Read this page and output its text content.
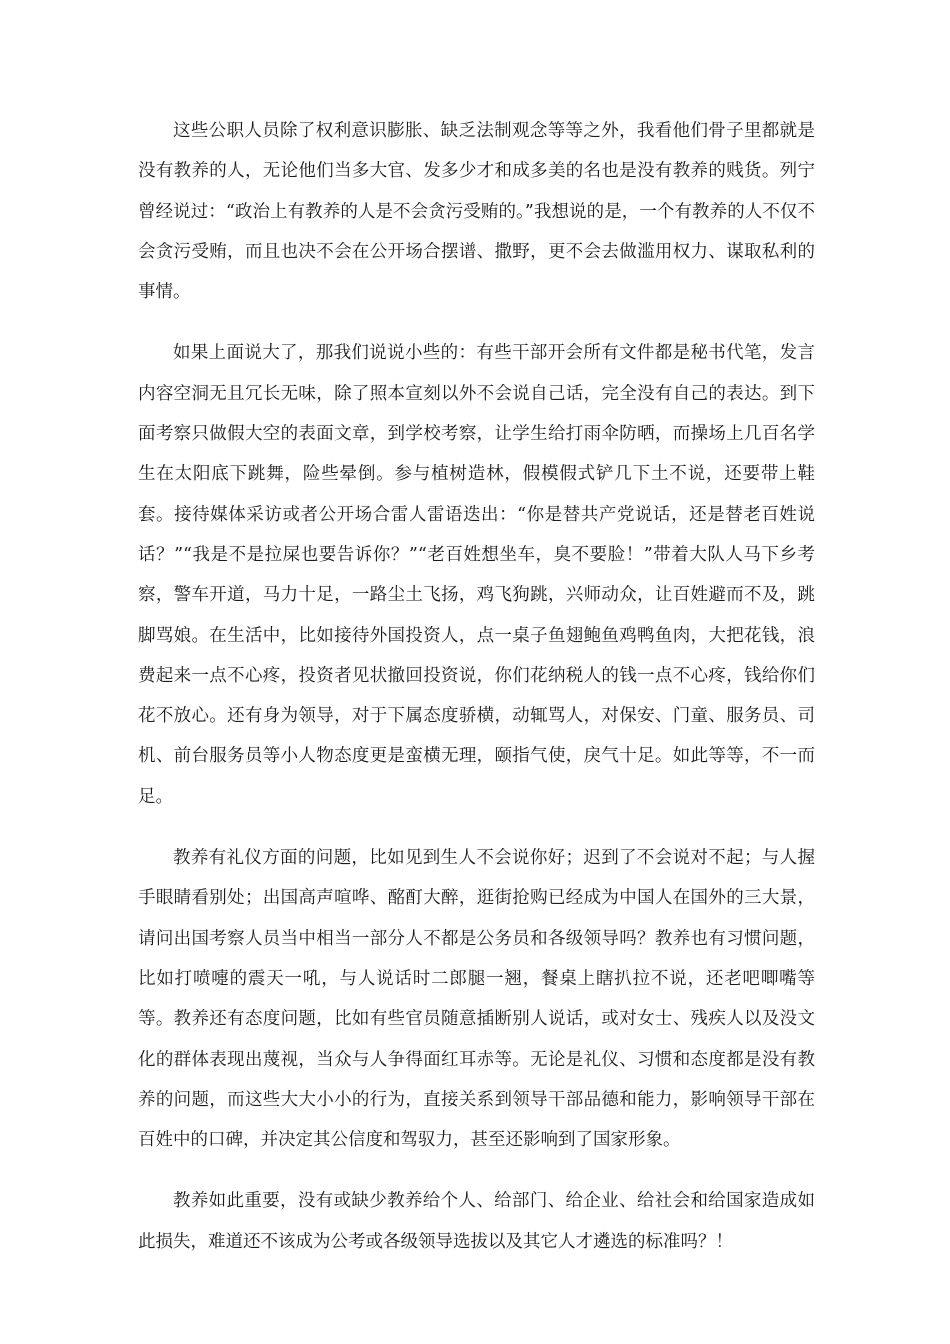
这些公职人员除了权利意识膨胀、缺乏法制观念等等之外，我看他们骨子里都就是没有教养的人，无论他们当多大官、发多少才和成多美的名也是没有教养的贱货。列宁曾经说过：“政治上有教养的人是不会贪污受贿的。”我想说的是，一个有教养的人不仅不会贪污受贿，而且也决不会在公开场合摆谱、撒野，更不会去做滥用权力、谋取私利的事情。

如果上面说大了，那我们说说小些的：有些干部开会所有文件都是秘书代笔，发言内容空洞无且冗长无味，除了照本宣刻以外不会说自己话，完全没有自己的表达。到下面考察只做假大空的表面文章，到学校考察，让学生给打雨伞防晒，而操场上几百名学生在太阳底下跳舞，险些晕倒。参与植树造林，假模假式铲几下土不说，还要带上鞋套。接待媒体采访或者公开场合雷人雷语迭出：“你是替共产党说话，还是替老百姓说话？”“我是不是拉屎也要告诉你？”“老百姓想坐车，臭不要脸！”带着大队人马下乡考察，警车开道，马力十足，一路尘土飞扬，鸡飞狗跳，兴师动众，让百姓避而不及，跳脚骂娘。在生活中，比如接待外国投资人，点一桌子鱼翅鲍鱼鸡鸭鱼肉，大把花钱，浪费起来一点不心疼，投资者见状撤回投资说，你们花纳税人的钱一点不心疼，钱给你们花不放心。还有身为领导，对于下属态度骄横，动辄骂人，对保安、门童、服务员、司机、前台服务员等小人物态度更是蛮横无理，颐指气使，戾气十足。如此等等，不一而足。

教养有礼仪方面的问题，比如见到生人不会说你好；迟到了不会说对不起；与人握手眼睛看别处；出国高声喧哗、酩酊大醉，逛街抢购已经成为中国人在国外的三大景，请问出国考察人员当中相当一部分人不都是公务员和各级领导吗？教养也有习惯问题，比如打喷嚏的震天一吼，与人说话时二郎腿一翘，餐桌上瞎扒拉不说，还老吧唧嘴等等。教养还有态度问题，比如有些官员随意插断别人说话，或对女士、残疾人以及没文化的群体表现出蔑视，当众与人争得面红耳赤等。无论是礼仪、习惯和态度都是没有教养的问题，而这些大大小小的行为，直接关系到领导干部品德和能力，影响领导干部在百姓中的口碑，并决定其公信度和驾驭力，甚至还影响到了国家形象。

教养如此重要，没有或缺少教养给个人、给部门、给企业、给社会和给国家造成如此损失，难道还不该成为公考或各级领导选拔以及其它人才遴选的标准吗？！
